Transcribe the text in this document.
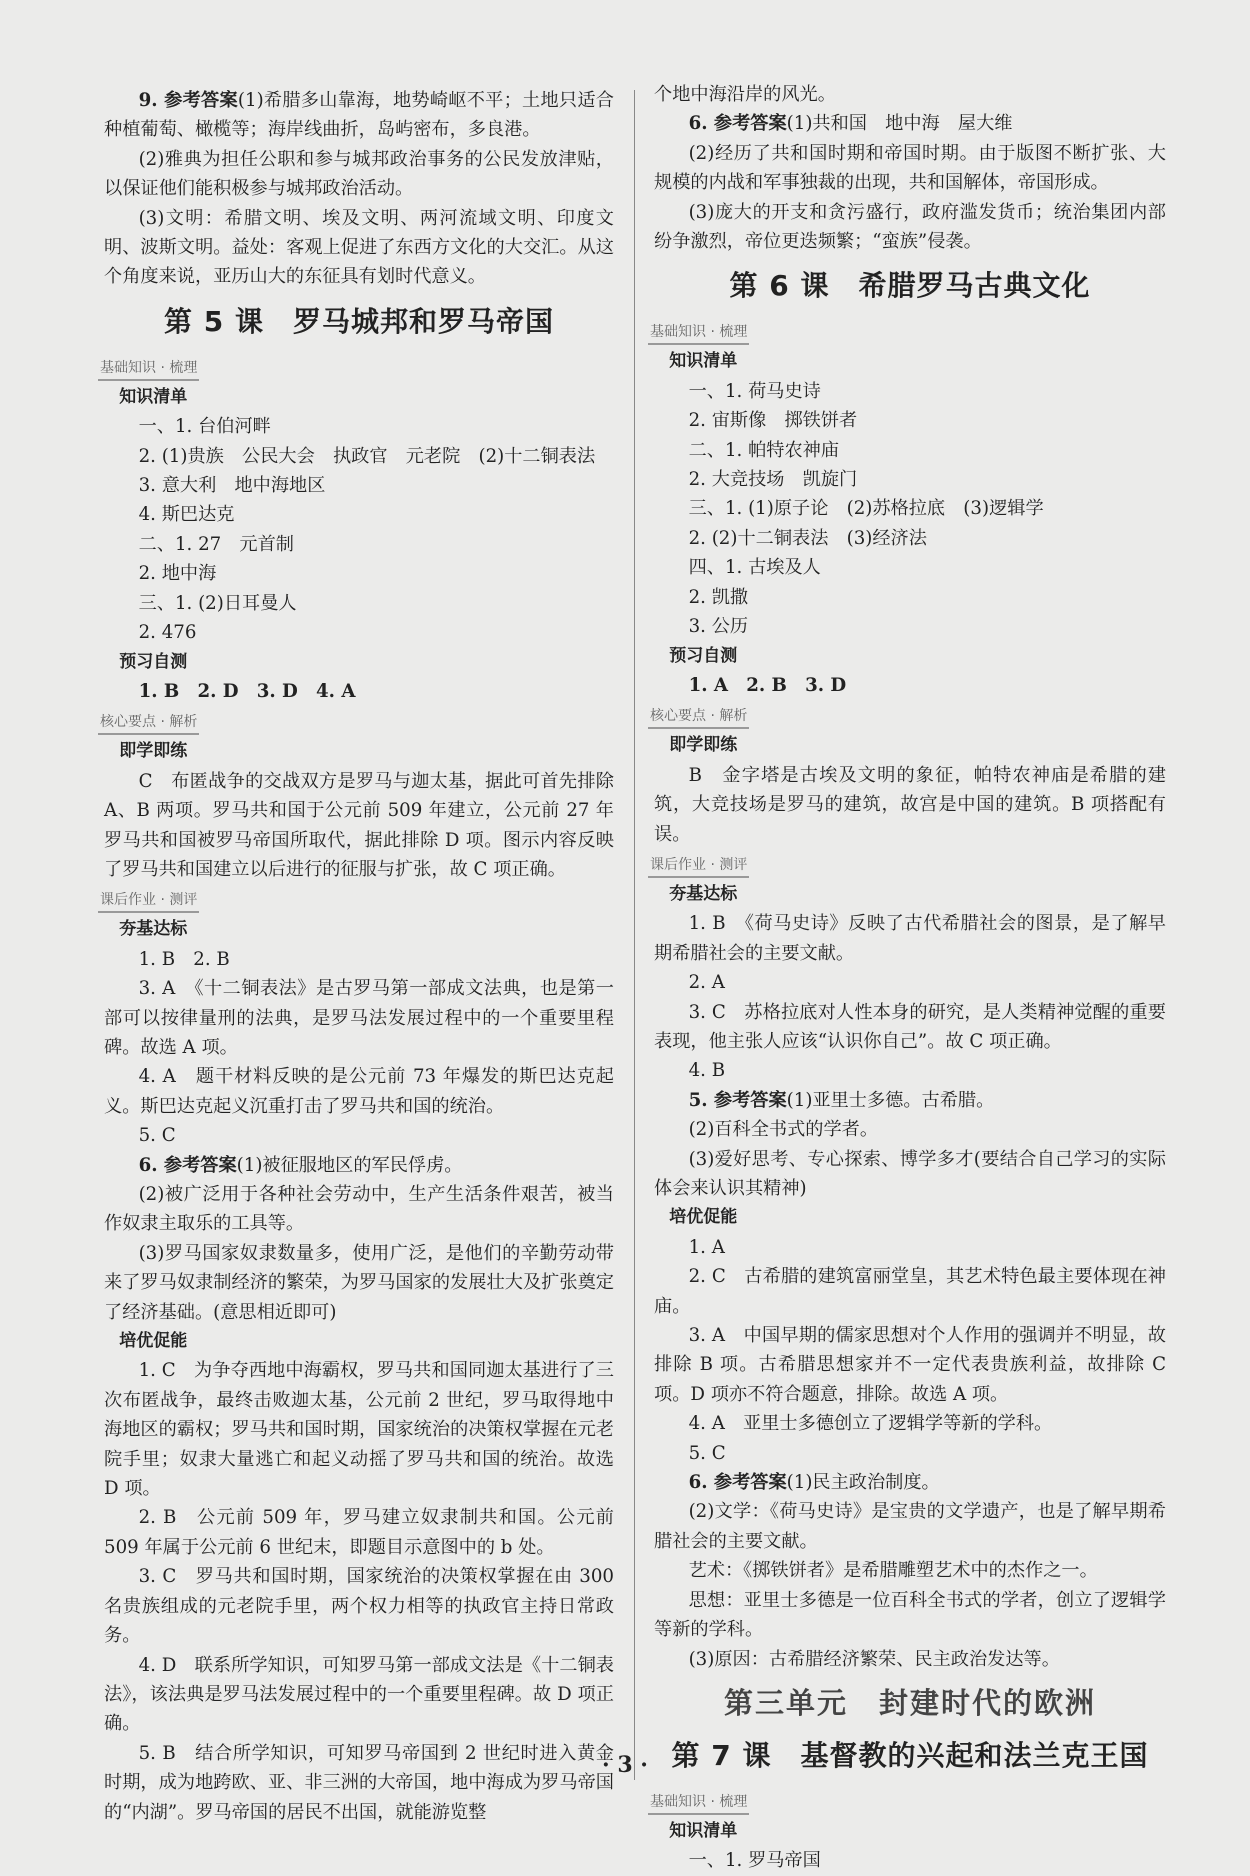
9. 参考答案(1)希腊多山靠海，地势崎岖不平；土地只适合种植葡萄、橄榄等；海岸线曲折，岛屿密布，多良港。

(2)雅典为担任公职和参与城邦政治事务的公民发放津贴，以保证他们能积极参与城邦政治活动。

(3)文明：希腊文明、埃及文明、两河流域文明、印度文明、波斯文明。益处：客观上促进了东西方文化的大交汇。从这个角度来说，亚历山大的东征具有划时代意义。

第 5 课　罗马城邦和罗马帝国
基础知识 · 梳理

知识清单

一、1. 台伯河畔

2. (1)贵族　公民大会　执政官　元老院　(2)十二铜表法

3. 意大利　地中海地区

4. 斯巴达克

二、1. 27　元首制

2. 地中海

三、1. (2)日耳曼人

2. 476

预习自测

1. B　2. D　3. D　4. A

核心要点 · 解析

即学即练

C　布匿战争的交战双方是罗马与迦太基，据此可首先排除 A、B 两项。罗马共和国于公元前 509 年建立，公元前 27 年罗马共和国被罗马帝国所取代，据此排除 D 项。图示内容反映了罗马共和国建立以后进行的征服与扩张，故 C 项正确。

课后作业 · 测评

夯基达标

1. B　2. B

3. A　《十二铜表法》是古罗马第一部成文法典，也是第一部可以按律量刑的法典，是罗马法发展过程中的一个重要里程碑。故选 A 项。

4. A　题干材料反映的是公元前 73 年爆发的斯巴达克起义。斯巴达克起义沉重打击了罗马共和国的统治。

5. C

6. 参考答案(1)被征服地区的军民俘虏。

(2)被广泛用于各种社会劳动中，生产生活条件艰苦，被当作奴隶主取乐的工具等。

(3)罗马国家奴隶数量多，使用广泛，是他们的辛勤劳动带来了罗马奴隶制经济的繁荣，为罗马国家的发展壮大及扩张奠定了经济基础。(意思相近即可)

培优促能

1. C　为争夺西地中海霸权，罗马共和国同迦太基进行了三次布匿战争，最终击败迦太基，公元前 2 世纪，罗马取得地中海地区的霸权；罗马共和国时期，国家统治的决策权掌握在元老院手里；奴隶大量逃亡和起义动摇了罗马共和国的统治。故选 D 项。

2. B　公元前 509 年，罗马建立奴隶制共和国。公元前 509 年属于公元前 6 世纪末，即题目示意图中的 b 处。

3. C　罗马共和国时期，国家统治的决策权掌握在由 300 名贵族组成的元老院手里，两个权力相等的执政官主持日常政务。

4. D　联系所学知识，可知罗马第一部成文法是《十二铜表法》，该法典是罗马法发展过程中的一个重要里程碑。故 D 项正确。

5. B　结合所学知识，可知罗马帝国到 2 世纪时进入黄金时期，成为地跨欧、亚、非三洲的大帝国，地中海成为罗马帝国的“内湖”。罗马帝国的居民不出国，就能游览整

个地中海沿岸的风光。

6. 参考答案(1)共和国　地中海　屋大维

(2)经历了共和国时期和帝国时期。由于版图不断扩张、大规模的内战和军事独裁的出现，共和国解体，帝国形成。

(3)庞大的开支和贪污盛行，政府滥发货币；统治集团内部纷争激烈，帝位更迭频繁；“蛮族”侵袭。

第 6 课　希腊罗马古典文化
基础知识 · 梳理

知识清单

一、1. 荷马史诗

2. 宙斯像　掷铁饼者

二、1. 帕特农神庙

2. 大竞技场　凯旋门

三、1. (1)原子论　(2)苏格拉底　(3)逻辑学

2. (2)十二铜表法　(3)经济法

四、1. 古埃及人

2. 凯撒

3. 公历

预习自测

1. A　2. B　3. D

核心要点 · 解析

即学即练

B　金字塔是古埃及文明的象征，帕特农神庙是希腊的建筑，大竞技场是罗马的建筑，故宫是中国的建筑。B 项搭配有误。

课后作业 · 测评

夯基达标

1. B　《荷马史诗》反映了古代希腊社会的图景，是了解早期希腊社会的主要文献。

2. A

3. C　苏格拉底对人性本身的研究，是人类精神觉醒的重要表现，他主张人应该“认识你自己”。故 C 项正确。

4. B

5. 参考答案(1)亚里士多德。古希腊。

(2)百科全书式的学者。

(3)爱好思考、专心探索、博学多才(要结合自己学习的实际体会来认识其精神)

培优促能

1. A

2. C　古希腊的建筑富丽堂皇，其艺术特色最主要体现在神庙。

3. A　中国早期的儒家思想对个人作用的强调并不明显，故排除 B 项。古希腊思想家并不一定代表贵族利益，故排除 C 项。D 项亦不符合题意，排除。故选 A 项。

4. A　亚里士多德创立了逻辑学等新的学科。

5. C

6. 参考答案(1)民主政治制度。

(2)文学：《荷马史诗》是宝贵的文学遗产，也是了解早期希腊社会的主要文献。

艺术：《掷铁饼者》是希腊雕塑艺术中的杰作之一。

思想：亚里士多德是一位百科全书式的学者，创立了逻辑学等新的学科。

(3)原因：古希腊经济繁荣、民主政治发达等。

第三单元　封建时代的欧洲
第 7 课　基督教的兴起和法兰克王国
基础知识 · 梳理

知识清单

一、1. 罗马帝国

· 3 ·
